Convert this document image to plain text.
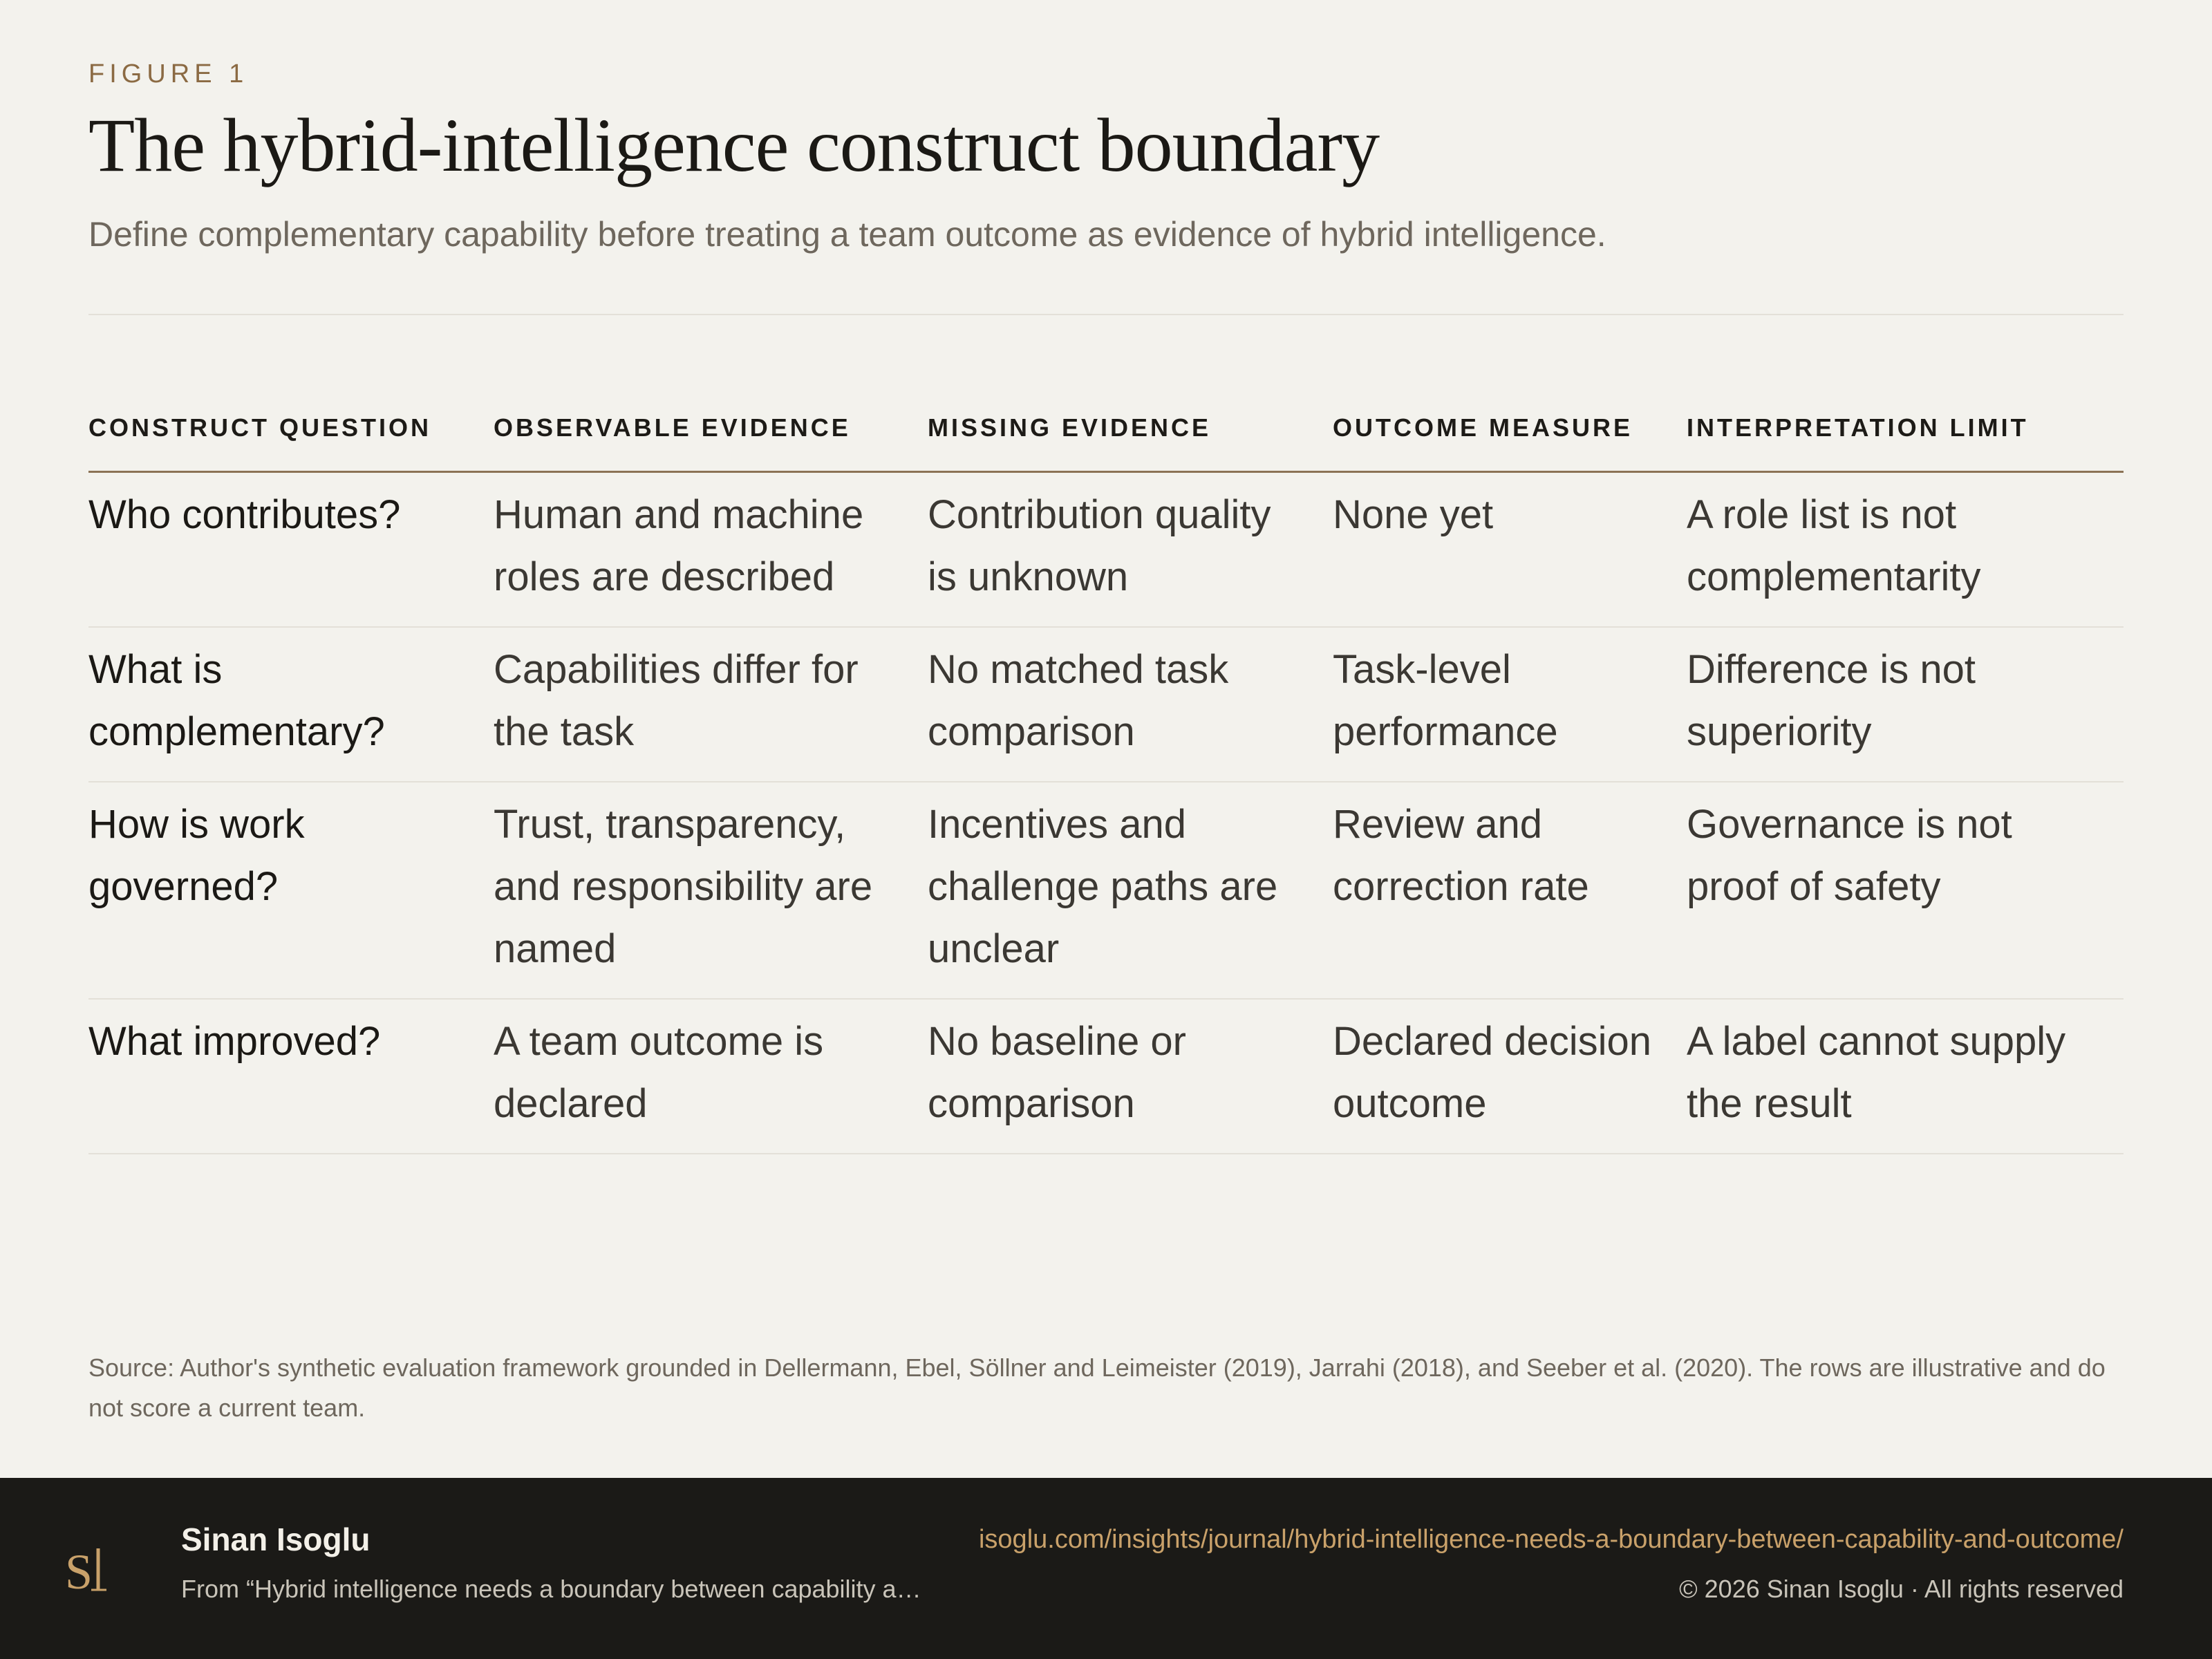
FIGURE 1
The hybrid-intelligence construct boundary
Define complementary capability before treating a team outcome as evidence of hybrid intelligence.
CONSTRUCT QUESTION	OBSERVABLE EVIDENCE	MISSING EVIDENCE	OUTCOME MEASURE	INTERPRETATION LIMIT
Who contributes?	Human and machine roles are described	Contribution quality is unknown	None yet	A role list is not complementarity
What is complementary?	Capabilities differ for the task	No matched task comparison	Task-level performance	Difference is not superiority
How is work governed?	Trust, transparency, and responsibility are named	Incentives and challenge paths are unclear	Review and correction rate	Governance is not proof of safety
What improved?	A team outcome is declared	No baseline or comparison	Declared decision outcome	A label cannot supply the result

Source: Author's synthetic evaluation framework grounded in Dellermann, Ebel, Söllner and Leimeister (2019), Jarrahi (2018), and Seeber et al. (2020). The rows are illustrative and do not score a current team.

S
Sinan Isoglu
From “Hybrid intelligence needs a boundary between capability a…
isoglu.com/insights/journal/hybrid-intelligence-needs-a-boundary-between-capability-and-outcome/
© 2026 Sinan Isoglu · All rights reserved
